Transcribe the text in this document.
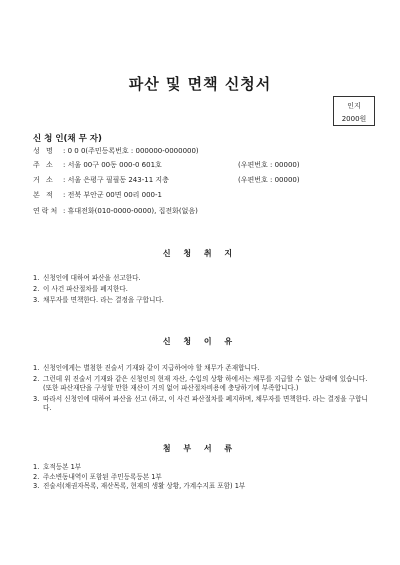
파산 및 면책 신청서
인지
2000원
신 청 인(채 무 자)
성 명 : 0 0 0(주민등록번호 : 000000-0000000)
주 소 : 서울 00구 00동 000-0 601호	(우편번호 : 00000)
거 소 : 서울 은평구 필필동 243-11 지층	(우편번호 : 00000)
본 적 : 전북 부안군 00면 00리 000-1
연락처 : 휴대전화(010-0000-0000), 집전화(없음)
신 청 취 지
1. 신청인에 대하여 파산을 선고한다.
2. 이 사건 파산절차를 폐지한다.
3. 채무자를 면책한다. 라는 결정을 구합니다.
신 청 이 유
1. 신청인에게는 별첨한 진술서 기재와 같이 지급하여야 할 채무가 존재합니다.
2. 그런데 위 진술서 기재와 같은 신청인의 현재 자산, 수입의 상황 하에서는 채무를 지급할 수 없는 상태에 있습니다. (또한 파산재단을 구성할 만한 재산이 거의 없어 파산절차비용에 충당하기에 부족합니다.)
3. 따라서 신청인에 대하여 파산을 선고 (하고, 이 사건 파산절차를 폐지하며, 채무자를 면책한다. 라는 결정을 구합니다.
첨 부 서 류
1. 호적등본 1부
2. 주소변동내역이 포함된 주민등록등본 1부
3. 진술서(채권자목록, 재산목록, 현재의 생활 상황, 가계수지표 포함) 1부
